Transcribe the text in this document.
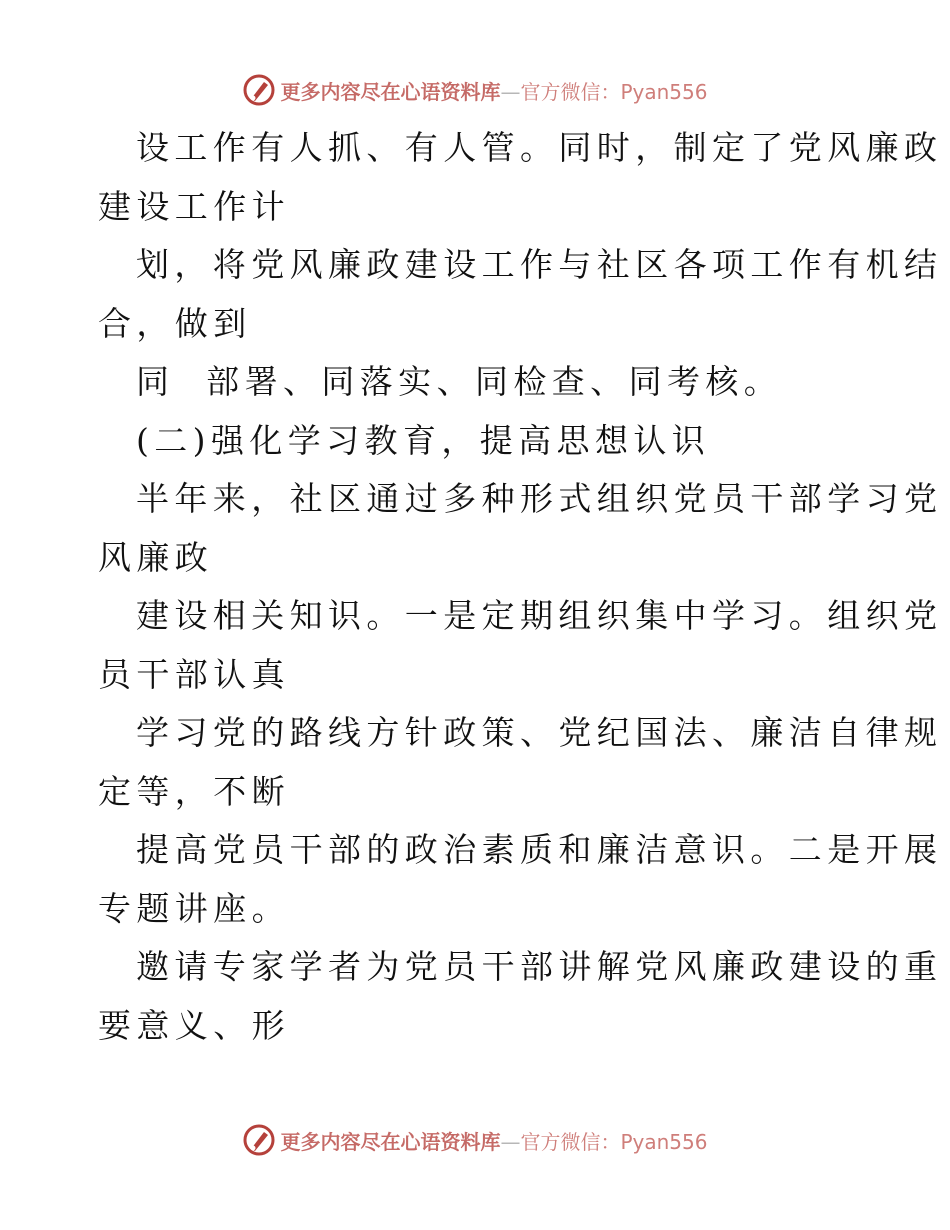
更多内容尽在心语资料库—官方微信：Pyan556
设工作有人抓、有人管。同时，制定了党风廉政
建设工作计
划，将党风廉政建设工作与社区各项工作有机结
合，做到
同  部署、同落实、同检查、同考核。
(二)强化学习教育，提高思想认识
半年来，社区通过多种形式组织党员干部学习党
风廉政
建设相关知识。一是定期组织集中学习。组织党
员干部认真
学习党的路线方针政策、党纪国法、廉洁自律规
定等，不断
提高党员干部的政治素质和廉洁意识。二是开展
专题讲座。
邀请专家学者为党员干部讲解党风廉政建设的重
要意义、形
更多内容尽在心语资料库—官方微信：Pyan556
